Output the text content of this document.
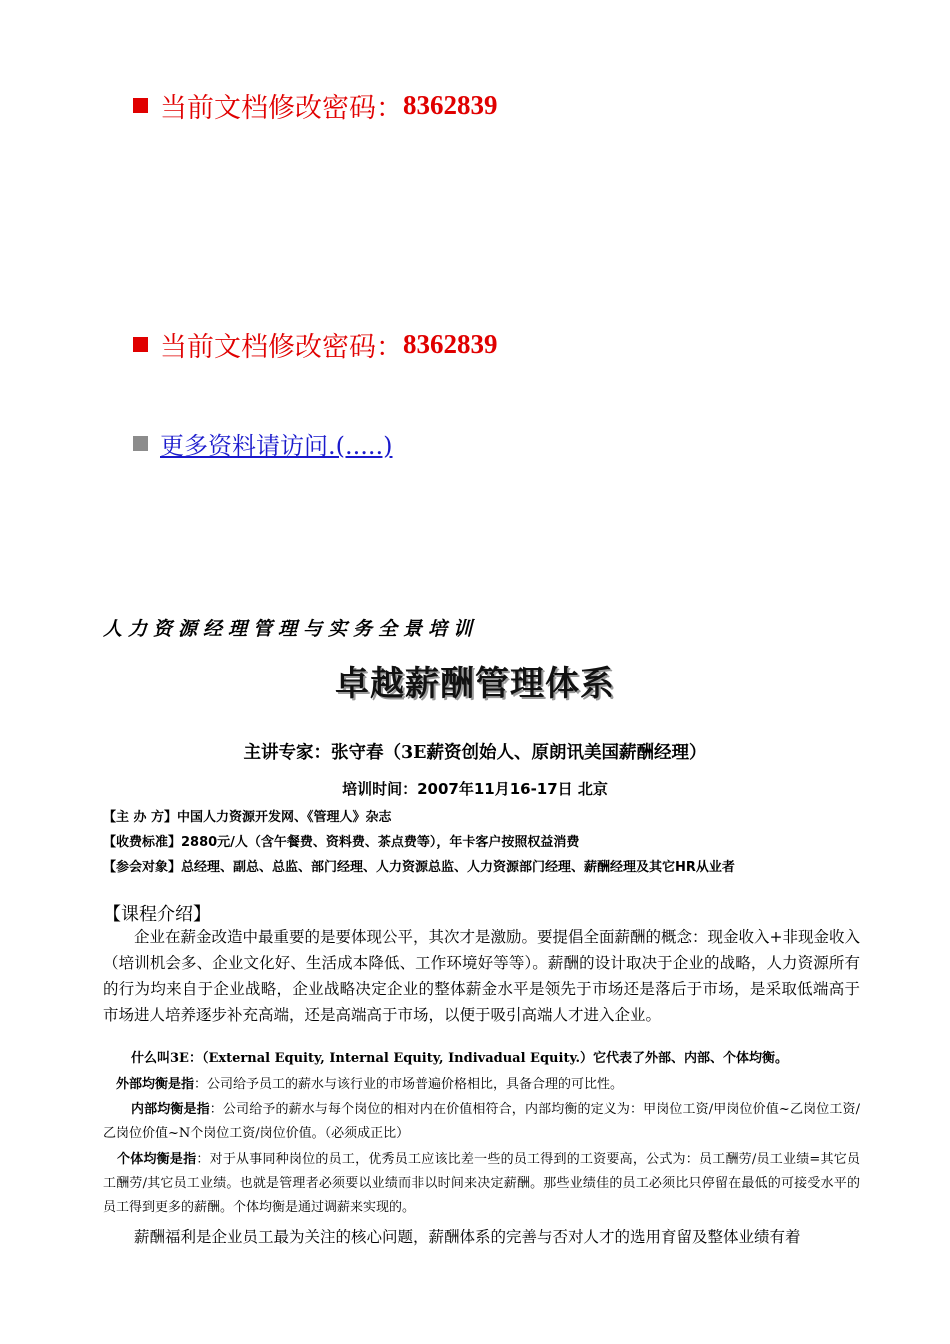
当前文档修改密码： 8362839
当前文档修改密码： 8362839
更多资料请访问.(.....)
人力资源经理管理与实务全景培训
卓越薪酬管理体系
主讲专家：张守春（3E薪资创始人、原朗讯美国薪酬经理）
培训时间：2007年11月16-17日 北京
【主 办 方】中国人力资源开发网、《管理人》杂志
【收费标准】2880元/人（含午餐费、资料费、茶点费等），年卡客户按照权益消费
【参会对象】总经理、副总、总监、部门经理、人力资源总监、人力资源部门经理、薪酬经理及其它HR从业者
【课程介绍】
企业在薪金改造中最重要的是要体现公平，其次才是激励。要提倡全面薪酬的概念：现金收入+非现金收入（培训机会多、企业文化好、生活成本降低、工作环境好等等）。薪酬的设计取决于企业的战略，人力资源所有的行为均来自于企业战略，企业战略决定企业的整体薪金水平是领先于市场还是落后于市场，是采取低端高于市场进人培养逐步补充高端，还是高端高于市场，以便于吸引高端人才进入企业。
什么叫3E：（External Equity, Internal Equity, Indivadual Equity.）它代表了外部、内部、个体均衡。
外部均衡是指：公司给予员工的薪水与该行业的市场普遍价格相比，具备合理的可比性。
内部均衡是指：公司给予的薪水与每个岗位的相对内在价值相符合，内部均衡的定义为：甲岗位工资/甲岗位价值~乙岗位工资/乙岗位价值~N个岗位工资/岗位价值。（必须成正比）
个体均衡是指：对于从事同种岗位的员工，优秀员工应该比差一些的员工得到的工资要高，公式为：员工酬劳/员工业绩=其它员工酬劳/其它员工业绩。也就是管理者必须要以业绩而非以时间来决定薪酬。那些业绩佳的员工必须比只停留在最低的可接受水平的员工得到更多的薪酬。个体均衡是通过调薪来实现的。
薪酬福利是企业员工最为关注的核心问题，薪酬体系的完善与否对人才的选用育留及整体业绩有着
